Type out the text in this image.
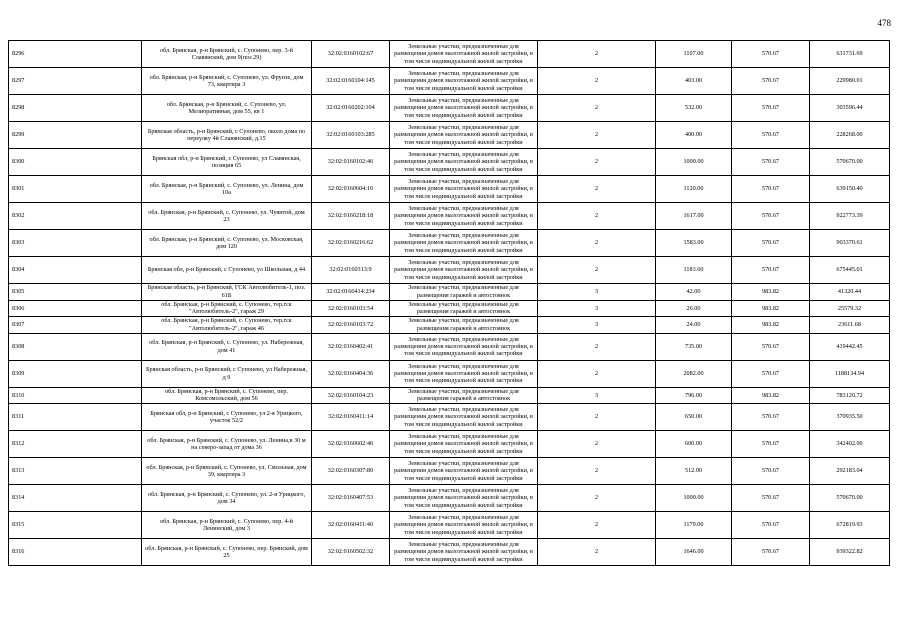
478
8296	обл. Брянская, р-н Брянский, с. Супонево, пер. 3-й Славянский, дом 9(поз 29)	32:02:0160102:67	Земельные участки, предназначенные для размещения домов малоэтажной жилой застройки, в том числе индивидуальной жилой застройки	2	1107.00	570.67	631731.69
8297	обл. Брянская, р-н Брянский, с. Супонево, ул. Фрунзе, дом 73, квартира 3	32:02:0160104:145	Земельные участки, предназначенные для размещения домов малоэтажной жилой застройки, в том числе индивидуальной жилой застройки	2	403.00	570.67	229980.01
8298	обл. Брянская, р-н Брянский, с. Супонево, ул. Мелиоративная, дом 55, кв 1	32:02:0160202:104	Земельные участки, предназначенные для размещения домов малоэтажной жилой застройки, в том числе индивидуальной жилой застройки	2	532.00	570.67	303596.44
8299	Брянская область, р-н Брянский, с Супонево, около дома по переулку 4й Славянский, д.15	32:02:0160103:285	Земельные участки, предназначенные для размещения домов малоэтажной жилой застройки, в том числе индивидуальной жилой застройки	2	400.00	570.67	228268.00
8300	Брянская обл, р-н Брянский, с Супонево, ул Славянская, позиция 65	32:02:0160102:46	Земельные участки, предназначенные для размещения домов малоэтажной жилой застройки, в том числе индивидуальной жилой застройки	2	1000.00	570.67	570670.00
8301	обл. Брянская, р-н Брянский, с. Супонево, ул. Ленина, дом 10а	32:02:0160604:16	Земельные участки, предназначенные для размещения домов малоэтажной жилой застройки, в том числе индивидуальной жилой застройки	2	1120.00	570.67	639150.40
8302	обл. Брянская, р-н Брянский, с. Супонево, ул. Чуянтой, дом 23	32:02:0160218:18	Земельные участки, предназначенные для размещения домов малоэтажной жилой застройки, в том числе индивидуальной жилой застройки	2	1617.00	570.67	922773.39
8303	обл. Брянская, р-н Брянский, с. Супонево, ул. Московская, дом 120	32:02:0160216:62	Земельные участки, предназначенные для размещения домов малоэтажной жилой застройки, в том числе индивидуальной жилой застройки	2	1583.00	570.67	903370.61
8304	Брянская обл, р-н Брянский, с Супонево, ул Школьная, д 44	32:02:0160313:9	Земельные участки, предназначенные для размещения домов малоэтажной жилой застройки, в том числе индивидуальной жилой застройки	2	1183.60	570.67	675445.01
8305	Брянская область, р-н Брянский, ГСК Автолюбитель-1, поз. 61Б	32:02:0160414:234	Земельные участки, предназначенные для размещения гаражей и автостоянок	3	42.00	983.82	41320.44
8306	обл. Брянская, р-н Брянский, с. Супонево, тер.гск "Автолюбитель-2", гараж 29	32:02:0160103:54	Земельные участки, предназначенные для размещения гаражей и автостоянок	3	26.00	983.82	25579.32
8307	обл. Брянская, р-н Брянский, с. Супонево, тер.гск "Автолюбитель-2", гараж 46	32:02:0160103:72	Земельные участки, предназначенные для размещения гаражей и автостоянок	3	24.00	983.82	23611.68
8308	обл. Брянская, р-н Брянский, с. Супонево, ул. Набережная, дом 41	32:02:0160402:41	Земельные участки, предназначенные для размещения домов малоэтажной жилой застройки, в том числе индивидуальной жилой застройки	2	735.00	570.67	419442.45
8309	Брянская область, р-н Брянский, с Супонево, ул Набережная, д 9	32:02:0160404:36	Земельные участки, предназначенные для размещения домов малоэтажной жилой застройки, в том числе индивидуальной жилой застройки	2	2082.00	570.67	1188134.94
8310	обл. Брянская, р-н Брянский, с. Супонево, пер. Комсомольский, дом 56	32:02:0160104:23	Земельные участки, предназначенные для размещения гаражей и автостоянок	3	796.00	983.82	783120.72
8311	Брянская обл, р-н Брянский, с Супонево, ул 2-я Урицкого, участок 52/2	32:02:0160411:14	Земельные участки, предназначенные для размещения домов малоэтажной жилой застройки, в том числе индивидуальной жилой застройки	2	650.00	570.67	370935.50
8312	обл. Брянская, р-н Брянский, с. Супонево, ул. Ленина,в 30 м на северо-запад от дома 36	32:02:0160602:46	Земельные участки, предназначенные для размещения домов малоэтажной жилой застройки, в том числе индивидуальной жилой застройки	2	600.00	570.67	342402.00
8313	обл. Брянская, р-н Брянский, с. Супонево, ул. Смольная, дом 39, квартира 3	32:02:0160307:80	Земельные участки, предназначенные для размещения домов малоэтажной жилой застройки, в том числе индивидуальной жилой застройки	2	512.00	570.67	292183.04
8314	обл. Брянская, р-н Брянский, с. Супонево, ул. 2-я Урицкого, дом 34	32:02:0160407:53	Земельные участки, предназначенные для размещения домов малоэтажной жилой застройки, в том числе индивидуальной жилой застройки	2	1000.00	570.67	570670.00
8315	обл. Брянская, р-н Брянский, с. Супонево, пер. 4-й Ленинский, дом 3	32:02:0160411:40	Земельные участки, предназначенные для размещения домов малоэтажной жилой застройки, в том числе индивидуальной жилой застройки	2	1179.00	570.67	672819.93
8316	обл. Брянская, р-н Брянский, с. Супонево, пер. Брянский, дом 25	32:02:0160502:32	Земельные участки, предназначенные для размещения домов малоэтажной жилой застройки, в том числе индивидуальной жилой застройки	2	1646.00	570.67	939322.82
